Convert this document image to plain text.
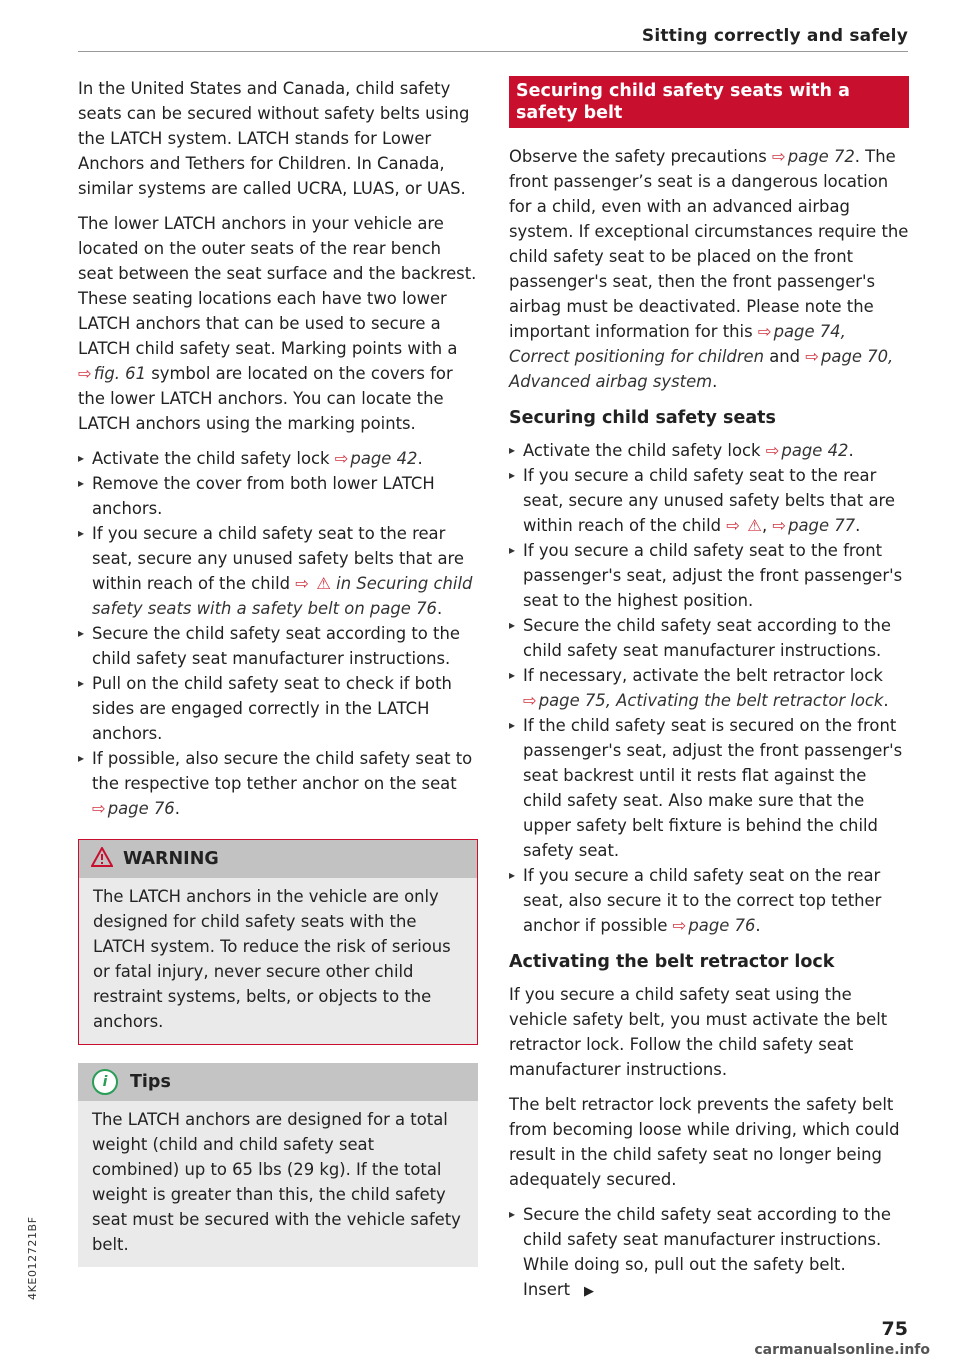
Sitting correctly and safely
4KE012721BF

In the United States and Canada, child safety seats can be secured without safety belts using the LATCH system. LATCH stands for Lower Anchors and Tethers for Children. In Canada, similar systems are called UCRA, LUAS, or UAS.

The lower LATCH anchors in your vehicle are located on the outer seats of the rear bench seat between the seat surface and the backrest. These seating locations each have two lower LATCH anchors that can be used to secure a LATCH child safety seat. Marking points with a ⇨ fig. 61 symbol are located on the covers for the lower LATCH anchors. You can locate the LATCH anchors using the marking points.

▸ Activate the child safety lock ⇨ page 42.
▸ Remove the cover from both lower LATCH anchors.
▸ If you secure a child safety seat to the rear seat, secure any unused safety belts that are within reach of the child ⇨ ⚠ in Securing child safety seats with a safety belt on page 76.
▸ Secure the child safety seat according to the child safety seat manufacturer instructions.
▸ Pull on the child safety seat to check if both sides are engaged correctly in the LATCH anchors.
▸ If possible, also secure the child safety seat to the respective top tether anchor on the seat ⇨ page 76.
WARNING

The LATCH anchors in the vehicle are only designed for child safety seats with the LATCH system. To reduce the risk of serious or fatal injury, never secure other child restraint systems, belts, or objects to the anchors.

i	Tips

The LATCH anchors are designed for a total weight (child and child safety seat combined) up to 65 lbs (29 kg). If the total weight is greater than this, the child safety seat must be secured with the vehicle safety belt.

Securing child safety seats with a safety belt

Observe the safety precautions ⇨ page 72. The front passenger’s seat is a dangerous location for a child, even with an advanced airbag system. If exceptional circumstances require the child safety seat to be placed on the front passenger's seat, then the front passenger's airbag must be deactivated. Please note the important information for this ⇨ page 74, Correct positioning for children and ⇨ page 70, Advanced airbag system.

Securing child safety seats
▸ Activate the child safety lock ⇨ page 42.
▸ If you secure a child safety seat to the rear seat, secure any unused safety belts that are within reach of the child ⇨ ⚠, ⇨ page 77.
▸ If you secure a child safety seat to the front passenger's seat, adjust the front passenger's seat to the highest position.
▸ Secure the child safety seat according to the child safety seat manufacturer instructions.
▸ If necessary, activate the belt retractor lock ⇨ page 75, Activating the belt retractor lock.
▸ If the child safety seat is secured on the front passenger's seat, adjust the front passenger's seat backrest until it rests flat against the child safety seat. Also make sure that the upper safety belt fixture is behind the child safety seat.
▸ If you secure a child safety seat on the rear seat, also secure it to the correct top tether anchor if possible ⇨ page 76.
Activating the belt retractor lock

If you secure a child safety seat using the vehicle safety belt, you must activate the belt retractor lock. Follow the child safety seat manufacturer instructions.

The belt retractor lock prevents the safety belt from becoming loose while driving, which could result in the child safety seat no longer being adequately secured.

▸ Secure the child safety seat according to the child safety seat manufacturer instructions. While doing so, pull out the safety belt. Insert ▶
75
carmanualsonline.info
